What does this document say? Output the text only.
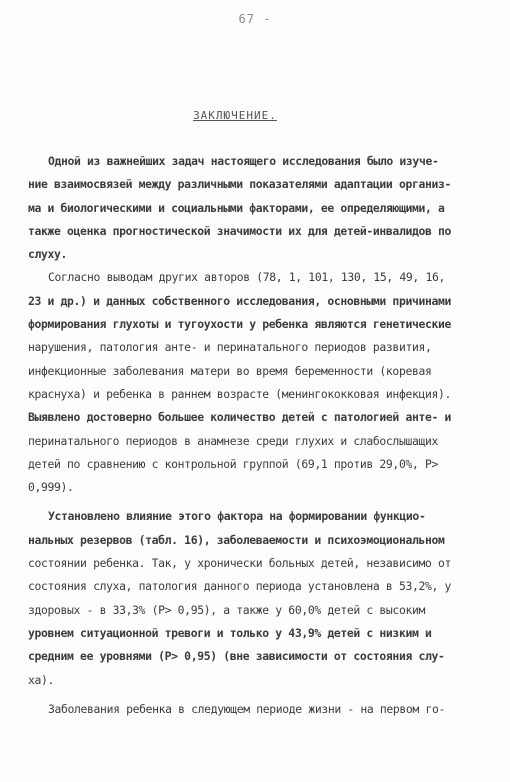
67 -
ЗАКЛЮЧЕНИЕ.
Одной из важнейших задач настоящего исследования было изуче-
ние взаимосвязей между различными показателями адаптации организ-
ма и биологическими и социальными факторами, ее определяющими, а
также оценка прогностической значимости их для детей-инвалидов по
слуху.
Согласно выводам других авторов (78, 1, 101, 130, 15, 49, 16,
23 и др.) и данных собственного исследования, основными причинами
формирования глухоты и тугоухости у ребенка являются генетические
нарушения, патология анте- и перинатального периодов развития,
инфекционные заболевания матери во время беременности (коревая
краснуха) и ребенка в раннем возрасте (менингококковая инфекция).
Выявлено достоверно большее количество детей с патологией анте- и
перинатального периодов в анамнезе среди глухих и слабослышащих
детей по сравнению с контрольной группой (69,1 против 29,0%, P>
0,999).
Установлено влияние этого фактора на формировании функцио-
нальных резервов (табл. 16), заболеваемости и психоэмоциональном
состоянии ребенка. Так, у хронически больных детей, независимо от
состояния слуха, патология данного периода установлена в 53,2%, у
здоровых - в 33,3% (P> 0,95), а также у 60,0% детей с высоким
уровнем ситуационной тревоги и только у 43,9% детей с низким и
средним ее уровнями (P> 0,95) (вне зависимости от состояния слу-
ха).
Заболевания ребенка в следующем периоде жизни - на первом го-
